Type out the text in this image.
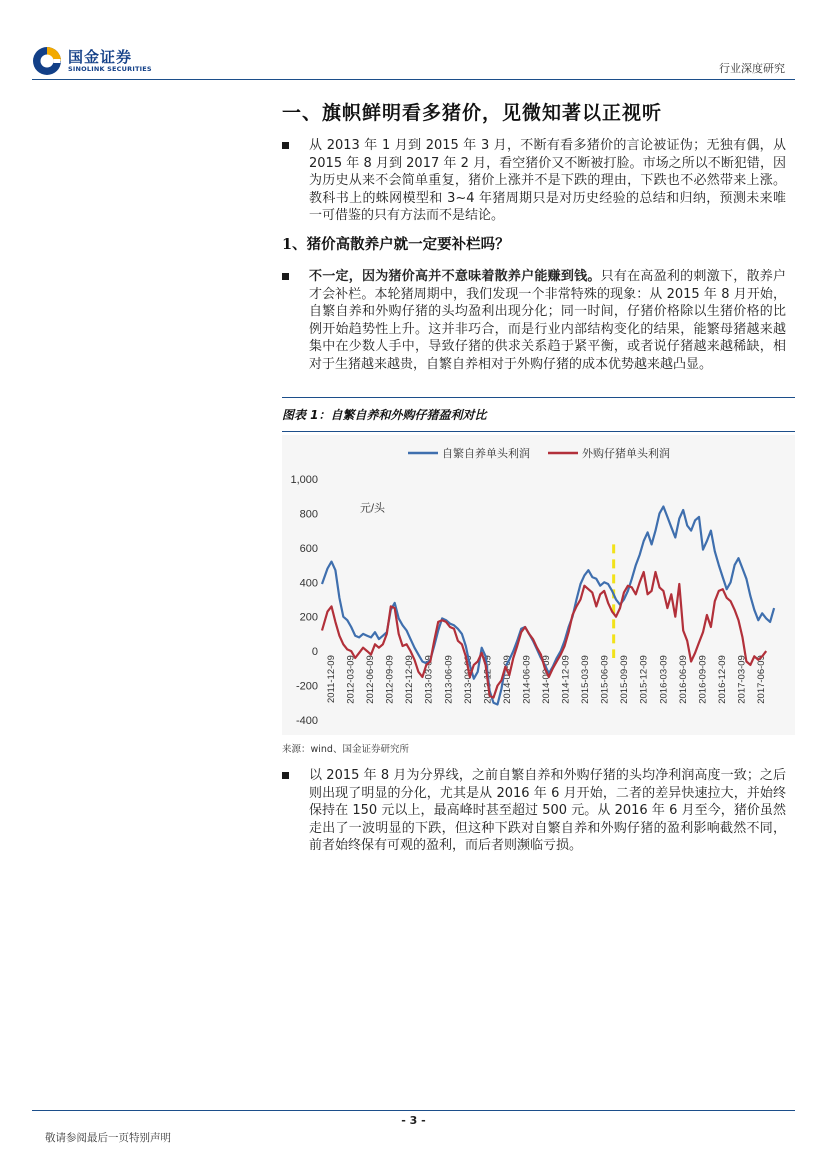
国金证券
SINOLINK SECURITIES	行业深度研究
一、旗帜鲜明看多猪价，见微知著以正视听
从 2013 年 1 月到 2015 年 3 月，不断有看多猪价的言论被证伪；无独有偶，从 2015 年 8 月到 2017 年 2 月，看空猪价又不断被打脸。市场之所以不断犯错，因为历史从来不会简单重复，猪价上涨并不是下跌的理由，下跌也不必然带来上涨。教科书上的蛛网模型和 3~4 年猪周期只是对历史经验的总结和归纳，预测未来唯一可借鉴的只有方法而不是结论。
1、猪价高散养户就一定要补栏吗？
不一定，因为猪价高并不意味着散养户能赚到钱。只有在高盈利的刺激下，散养户才会补栏。本轮猪周期中，我们发现一个非常特殊的现象：从 2015 年 8 月开始，自繁自养和外购仔猪的头均盈利出现分化；同一时间，仔猪价格除以生猪价格的比例开始趋势性上升。这并非巧合，而是行业内部结构变化的结果，能繁母猪越来越集中在少数人手中，导致仔猪的供求关系趋于紧平衡，或者说仔猪越来越稀缺，相对于生猪越来越贵，自繁自养相对于外购仔猪的成本优势越来越凸显。
图表 1：自繁自养和外购仔猪盈利对比
1,000
800
600
400
200
0
-200
-400
元/头
2011-12-09 2012-03-09 2012-06-09 2012-09-09 2012-12-09 2013-03-09 2013-06-09 2013-09-09 2013-12-09 2014-03-09 2014-06-09 2014-09-09 2014-12-09 2015-03-09 2015-06-09 2015-09-09 2015-12-09 2016-03-09 2016-06-09 2016-09-09 2016-12-09 2017-03-09 2017-06-09
自繁自养单头利润	外购仔猪单头利润
来源：wind、国金证券研究所
以 2015 年 8 月为分界线，之前自繁自养和外购仔猪的头均净利润高度一致；之后则出现了明显的分化，尤其是从 2016 年 6 月开始，二者的差异快速拉大，并始终保持在 150 元以上，最高峰时甚至超过 500 元。从 2016 年 6 月至今，猪价虽然走出了一波明显的下跌，但这种下跌对自繁自养和外购仔猪的盈利影响截然不同，前者始终保有可观的盈利，而后者则濒临亏损。
- 3 -
敬请参阅最后一页特别声明
